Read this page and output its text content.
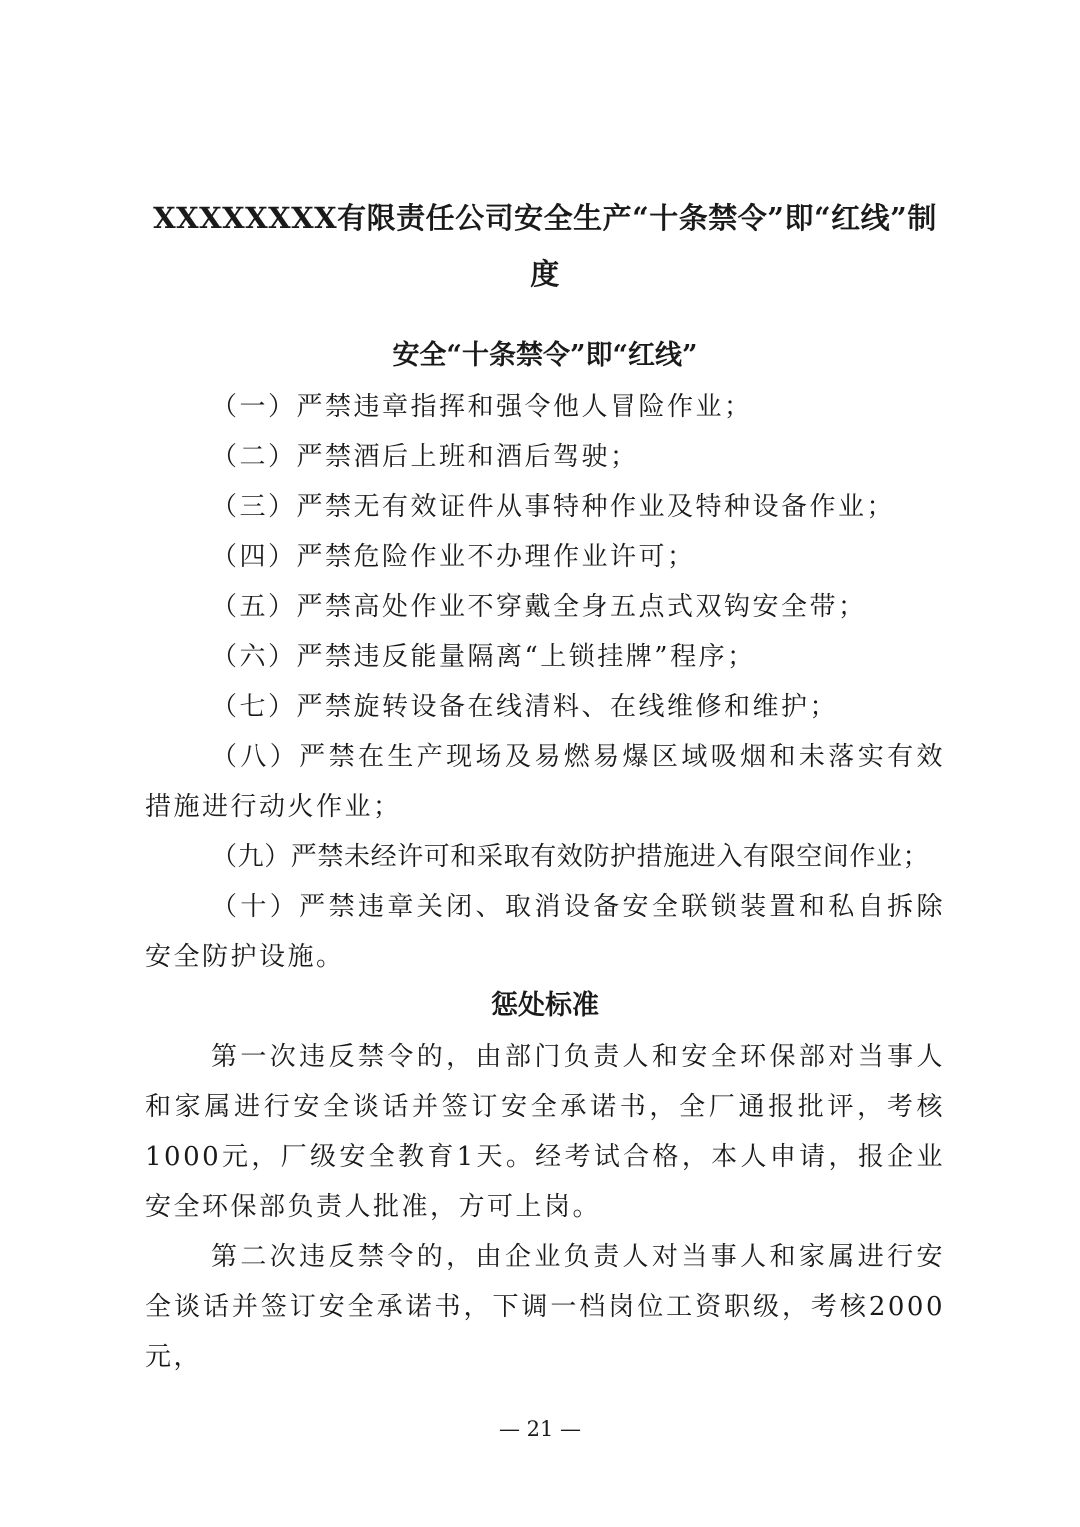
XXXXXXXX有限责任公司安全生产“十条禁令”即“红线”制度
安全“十条禁令”即“红线”

（一）严禁违章指挥和强令他人冒险作业；

（二）严禁酒后上班和酒后驾驶；

（三）严禁无有效证件从事特种作业及特种设备作业；

（四）严禁危险作业不办理作业许可；

（五）严禁高处作业不穿戴全身五点式双钩安全带；

（六）严禁违反能量隔离“上锁挂牌”程序；

（七）严禁旋转设备在线清料、在线维修和维护；

（八）严禁在生产现场及易燃易爆区域吸烟和未落实有效措施进行动火作业；

（九）严禁未经许可和采取有效防护措施进入有限空间作业；

（十）严禁违章关闭、取消设备安全联锁装置和私自拆除安全防护设施。

惩处标准

第一次违反禁令的，由部门负责人和安全环保部对当事人和家属进行安全谈话并签订安全承诺书，全厂通报批评，考核1000元，厂级安全教育1天。经考试合格，本人申请，报企业安全环保部负责人批准，方可上岗。

第二次违反禁令的，由企业负责人对当事人和家属进行安全谈话并签订安全承诺书，下调一档岗位工资职级，考核2000元，

— 21 —
